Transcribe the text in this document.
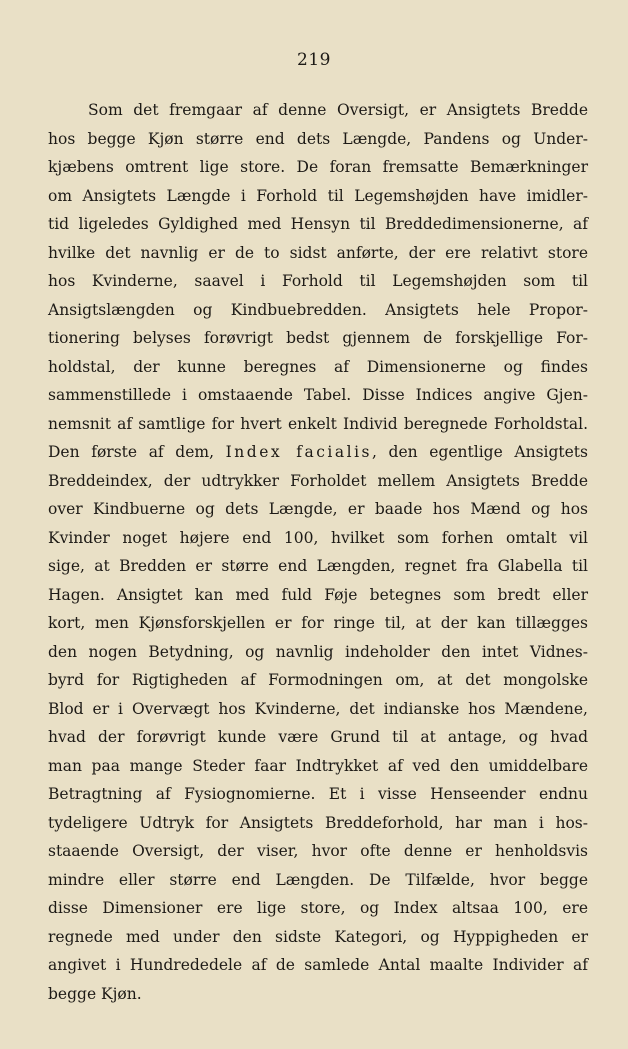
219
Som det fremgaar af denne Oversigt, er Ansigtets Bredde
hos begge Kjøn større end dets Længde, Pandens og Under-
kjæbens omtrent lige store. De foran fremsatte Bemærkninger
om Ansigtets Længde i Forhold til Legemshøjden have imidler-
tid ligeledes Gyldighed med Hensyn til Breddedimensionerne, af
hvilke det navnlig er de to sidst anførte, der ere relativt store
hos Kvinderne, saavel i Forhold til Legemshøjden som til
Ansigtslængden og Kindbuebredden. Ansigtets hele Propor-
tionering belyses forøvrigt bedst gjennem de forskjellige For-
holdstal, der kunne beregnes af Dimensionerne og findes
sammenstillede i omstaaende Tabel. Disse Indices angive Gjen-
nemsnit af samtlige for hvert enkelt Individ beregnede Forholdstal.
Den første af dem, Index facialis, den egentlige Ansigtets
Breddeindex, der udtrykker Forholdet mellem Ansigtets Bredde
over Kindbuerne og dets Længde, er baade hos Mænd og hos
Kvinder noget højere end 100, hvilket som forhen omtalt vil
sige, at Bredden er større end Længden, regnet fra Glabella til
Hagen. Ansigtet kan med fuld Føje betegnes som bredt eller
kort, men Kjønsforskjellen er for ringe til, at der kan tillægges
den nogen Betydning, og navnlig indeholder den intet Vidnes-
byrd for Rigtigheden af Formodningen om, at det mongolske
Blod er i Overvægt hos Kvinderne, det indianske hos Mændene,
hvad der forøvrigt kunde være Grund til at antage, og hvad
man paa mange Steder faar Indtrykket af ved den umiddelbare
Betragtning af Fysiognomierne. Et i visse Henseender endnu
tydeligere Udtryk for Ansigtets Breddeforhold, har man i hos-
staaende Oversigt, der viser, hvor ofte denne er henholdsvis
mindre eller større end Længden. De Tilfælde, hvor begge
disse Dimensioner ere lige store, og Index altsaa 100, ere
regnede med under den sidste Kategori, og Hyppigheden er
angivet i Hundrededele af de samlede Antal maalte Individer af
begge Kjøn.
